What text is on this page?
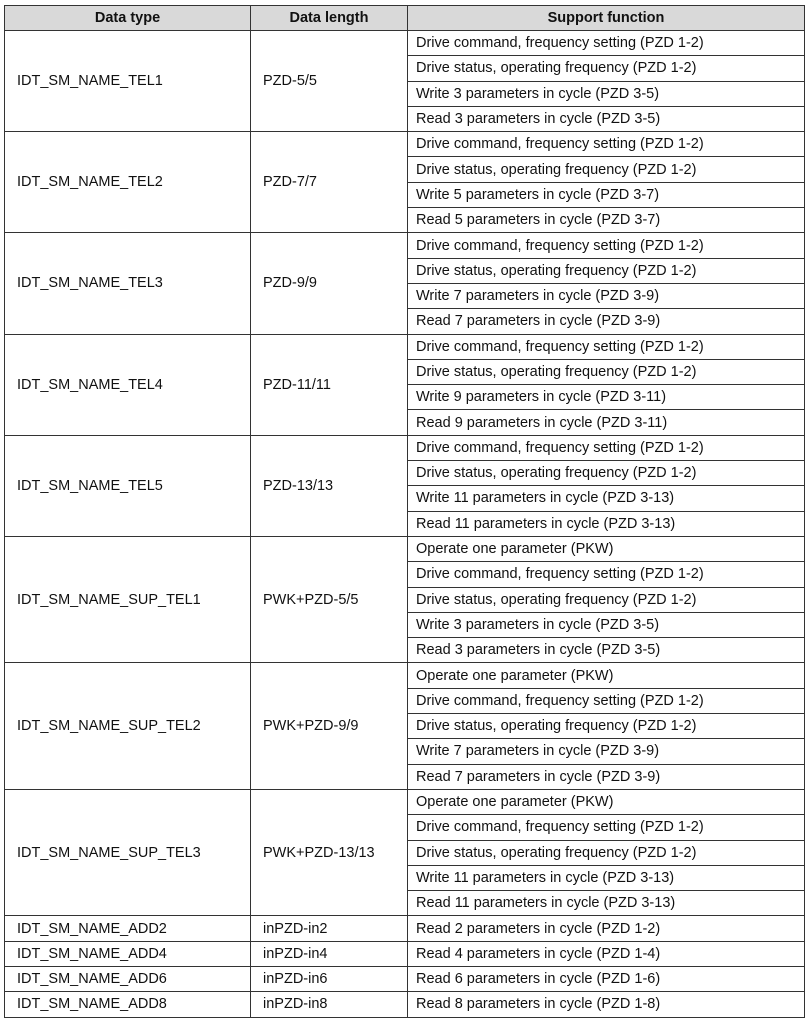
Data type	Data length	Support function
IDT_SM_NAME_TEL1	PZD-5/5	Drive command, frequency setting (PZD 1-2)
		Drive status, operating frequency (PZD 1-2)
		Write 3 parameters in cycle (PZD 3-5)
		Read 3 parameters in cycle (PZD 3-5)
IDT_SM_NAME_TEL2	PZD-7/7	Drive command, frequency setting (PZD 1-2)
		Drive status, operating frequency (PZD 1-2)
		Write 5 parameters in cycle (PZD 3-7)
		Read 5 parameters in cycle (PZD 3-7)
IDT_SM_NAME_TEL3	PZD-9/9	Drive command, frequency setting (PZD 1-2)
		Drive status, operating frequency (PZD 1-2)
		Write 7 parameters in cycle (PZD 3-9)
		Read 7 parameters in cycle (PZD 3-9)
IDT_SM_NAME_TEL4	PZD-11/11	Drive command, frequency setting (PZD 1-2)
		Drive status, operating frequency (PZD 1-2)
		Write 9 parameters in cycle (PZD 3-11)
		Read 9 parameters in cycle (PZD 3-11)
IDT_SM_NAME_TEL5	PZD-13/13	Drive command, frequency setting (PZD 1-2)
		Drive status, operating frequency (PZD 1-2)
		Write 11 parameters in cycle (PZD 3-13)
		Read 11 parameters in cycle (PZD 3-13)
IDT_SM_NAME_SUP_TEL1	PWK+PZD-5/5	Operate one parameter (PKW)
		Drive command, frequency setting (PZD 1-2)
		Drive status, operating frequency (PZD 1-2)
		Write 3 parameters in cycle (PZD 3-5)
		Read 3 parameters in cycle (PZD 3-5)
IDT_SM_NAME_SUP_TEL2	PWK+PZD-9/9	Operate one parameter (PKW)
		Drive command, frequency setting (PZD 1-2)
		Drive status, operating frequency (PZD 1-2)
		Write 7 parameters in cycle (PZD 3-9)
		Read 7 parameters in cycle (PZD 3-9)
IDT_SM_NAME_SUP_TEL3	PWK+PZD-13/13	Operate one parameter (PKW)
		Drive command, frequency setting (PZD 1-2)
		Drive status, operating frequency (PZD 1-2)
		Write 11 parameters in cycle (PZD 3-13)
		Read 11 parameters in cycle (PZD 3-13)
IDT_SM_NAME_ADD2	inPZD-in2	Read 2 parameters in cycle (PZD 1-2)
IDT_SM_NAME_ADD4	inPZD-in4	Read 4 parameters in cycle (PZD 1-4)
IDT_SM_NAME_ADD6	inPZD-in6	Read 6 parameters in cycle (PZD 1-6)
IDT_SM_NAME_ADD8	inPZD-in8	Read 8 parameters in cycle (PZD 1-8)
